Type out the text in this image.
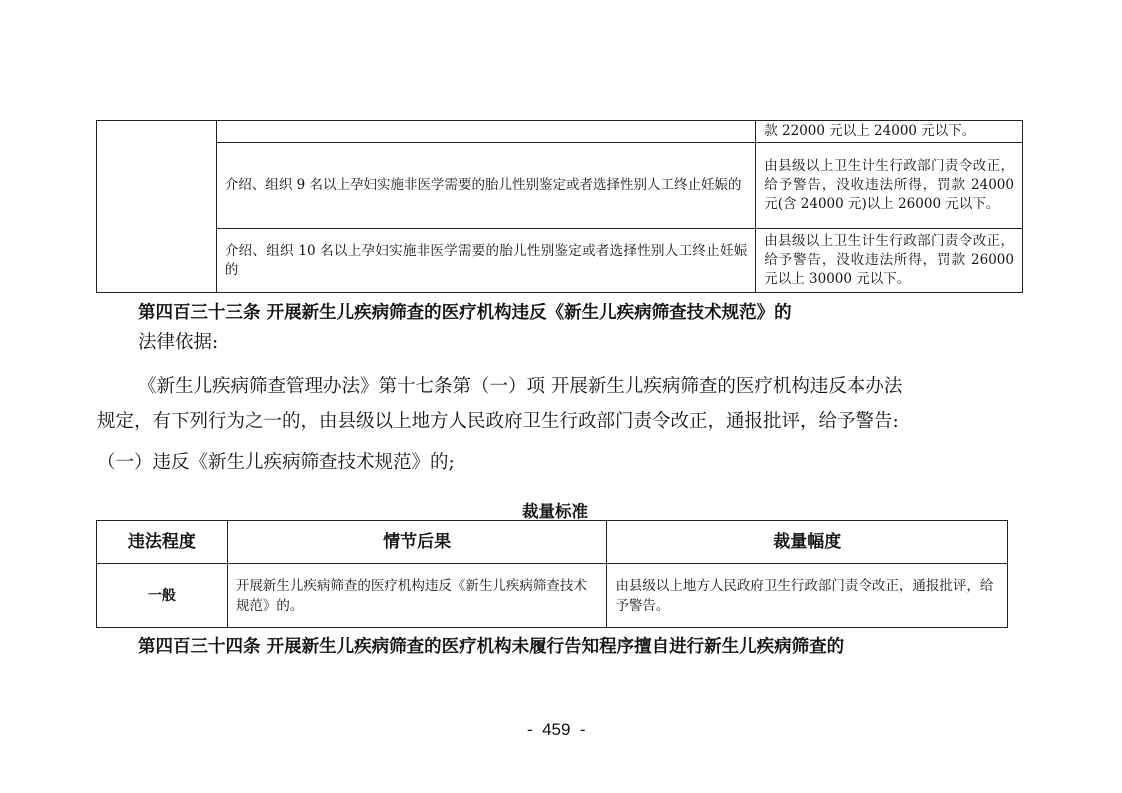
		款 22000 元以上 24000 元以下。
	介绍、组织 9 名以上孕妇实施非医学需要的胎儿性别鉴定或者选择性别人工终止妊娠的	由县级以上卫生计生行政部门责令改正，给予警告，没收违法所得，罚款 24000 元(含 24000 元)以上 26000 元以下。
	介绍、组织 10 名以上孕妇实施非医学需要的胎儿性别鉴定或者选择性别人工终止妊娠的	由县级以上卫生计生行政部门责令改正，给予警告，没收违法所得，罚款 26000 元以上 30000 元以下。
第四百三十三条 开展新生儿疾病筛查的医疗机构违反《新生儿疾病筛查技术规范》的
法律依据:
《新生儿疾病筛查管理办法》第十七条第（一）项 开展新生儿疾病筛查的医疗机构违反本办法
规定，有下列行为之一的，由县级以上地方人民政府卫生行政部门责令改正，通报批评，给予警告:
（一）违反《新生儿疾病筛查技术规范》的;
裁量标准
违法程度	情节后果	裁量幅度
一般	开展新生儿疾病筛查的医疗机构违反《新生儿疾病筛查技术规范》的。	由县级以上地方人民政府卫生行政部门责令改正，通报批评，给予警告。
第四百三十四条 开展新生儿疾病筛查的医疗机构未履行告知程序擅自进行新生儿疾病筛查的
-  459  -
